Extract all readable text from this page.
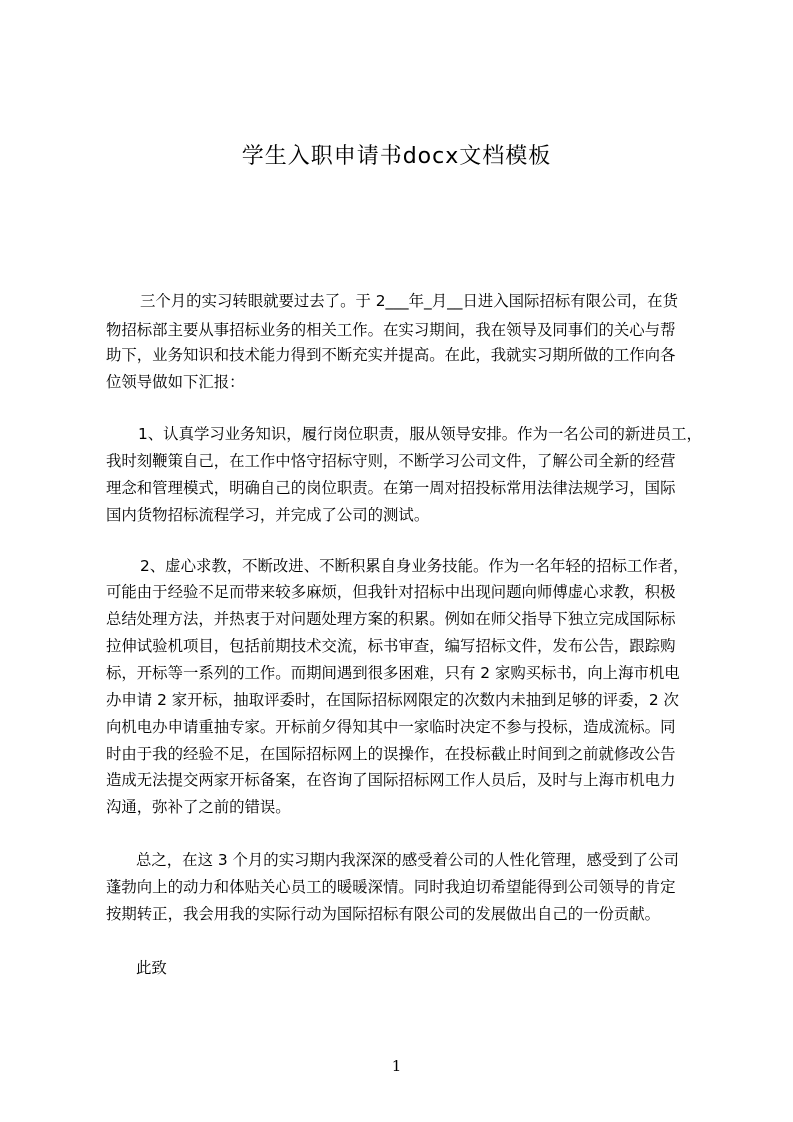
学生入职申请书docx文档模板
三个月的实习转眼就要过去了。于 2___年_月__日进入国际招标有限公司，在货
物招标部主要从事招标业务的相关工作。在实习期间，我在领导及同事们的关心与帮
助下，业务知识和技术能力得到不断充实并提高。在此，我就实习期所做的工作向各
位领导做如下汇报：
1、认真学习业务知识，履行岗位职责，服从领导安排。作为一名公司的新进员工，
我时刻鞭策自己，在工作中恪守招标守则，不断学习公司文件，了解公司全新的经营
理念和管理模式，明确自己的岗位职责。在第一周对招投标常用法律法规学习，国际
国内货物招标流程学习，并完成了公司的测试。
2、虚心求教，不断改进、不断积累自身业务技能。作为一名年轻的招标工作者，
可能由于经验不足而带来较多麻烦，但我针对招标中出现问题向师傅虚心求教，积极
总结处理方法，并热衷于对问题处理方案的积累。例如在师父指导下独立完成国际标
拉伸试验机项目，包括前期技术交流，标书审查，编写招标文件，发布公告，跟踪购
标，开标等一系列的工作。而期间遇到很多困难，只有 2 家购买标书，向上海市机电
办申请 2 家开标，抽取评委时，在国际招标网限定的次数内未抽到足够的评委，2 次
向机电办申请重抽专家。开标前夕得知其中一家临时决定不参与投标，造成流标。同
时由于我的经验不足，在国际招标网上的误操作，在投标截止时间到之前就修改公告
造成无法提交两家开标备案，在咨询了国际招标网工作人员后，及时与上海市机电力
沟通，弥补了之前的错误。
总之，在这 3 个月的实习期内我深深的感受着公司的人性化管理，感受到了公司
蓬勃向上的动力和体贴关心员工的暖暖深情。同时我迫切希望能得到公司领导的肯定
按期转正，我会用我的实际行动为国际招标有限公司的发展做出自己的一份贡献。
此致
1
